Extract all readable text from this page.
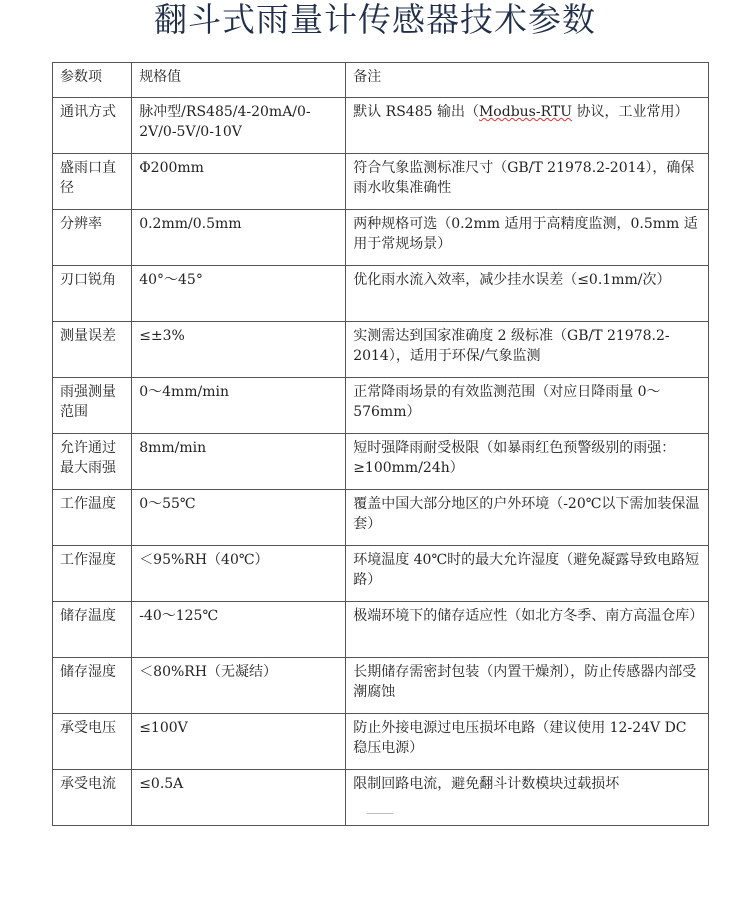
翻斗式雨量计传感器技术参数
参数项	规格值	备注
通讯方式	脉冲型/RS485/4-20mA/0-2V/0-5V/0-10V	默认 RS485 输出（Modbus-RTU 协议，工业常用）
盛雨口直径	Φ200mm	符合气象监测标准尺寸（GB/T 21978.2-2014），确保雨水收集准确性
分辨率	0.2mm/0.5mm	两种规格可选（0.2mm 适用于高精度监测，0.5mm 适用于常规场景）
刃口锐角	40°～45°	优化雨水流入效率，减少挂水误差（≤0.1mm/次）
测量误差	≤±3%	实测需达到国家准确度 2 级标准（GB/T 21978.2-2014），适用于环保/气象监测
雨强测量范围	0～4mm/min	正常降雨场景的有效监测范围（对应日降雨量 0～576mm）
允许通过最大雨强	8mm/min	短时强降雨耐受极限（如暴雨红色预警级别的雨强：≥100mm/24h）
工作温度	0～55℃	覆盖中国大部分地区的户外环境（-20℃以下需加装保温套）
工作湿度	＜95%RH（40℃）	环境温度 40℃时的最大允许湿度（避免凝露导致电路短路）
储存温度	-40～125℃	极端环境下的储存适应性（如北方冬季、南方高温仓库）
储存湿度	＜80%RH（无凝结）	长期储存需密封包装（内置干燥剂），防止传感器内部受潮腐蚀
承受电压	≤100V	防止外接电源过电压损坏电路（建议使用 12-24V DC 稳压电源）
承受电流	≤0.5A	限制回路电流，避免翻斗计数模块过载损坏
